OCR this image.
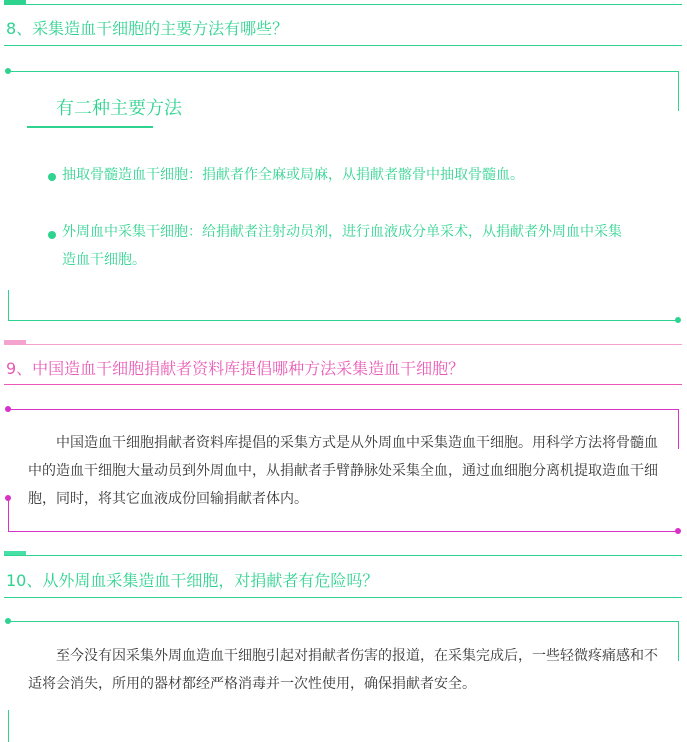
8、采集造血干细胞的主要方法有哪些？
有二种主要方法
抽取骨髓造血干细胞：捐献者作全麻或局麻，从捐献者髂骨中抽取骨髓血。
外周血中采集干细胞：给捐献者注射动员剂，进行血液成分单采术，从捐献者外周血中采集造血干细胞。
9、中国造血干细胞捐献者资料库提倡哪种方法采集造血干细胞？
中国造血干细胞捐献者资料库提倡的采集方式是从外周血中采集造血干细胞。用科学方法将骨髓血中的造血干细胞大量动员到外周血中，从捐献者手臂静脉处采集全血，通过血细胞分离机提取造血干细胞，同时，将其它血液成份回输捐献者体内。
10、从外周血采集造血干细胞，对捐献者有危险吗？
至今没有因采集外周血造血干细胞引起对捐献者伤害的报道，在采集完成后，一些轻微疼痛感和不适将会消失，所用的器材都经严格消毒并一次性使用，确保捐献者安全。
